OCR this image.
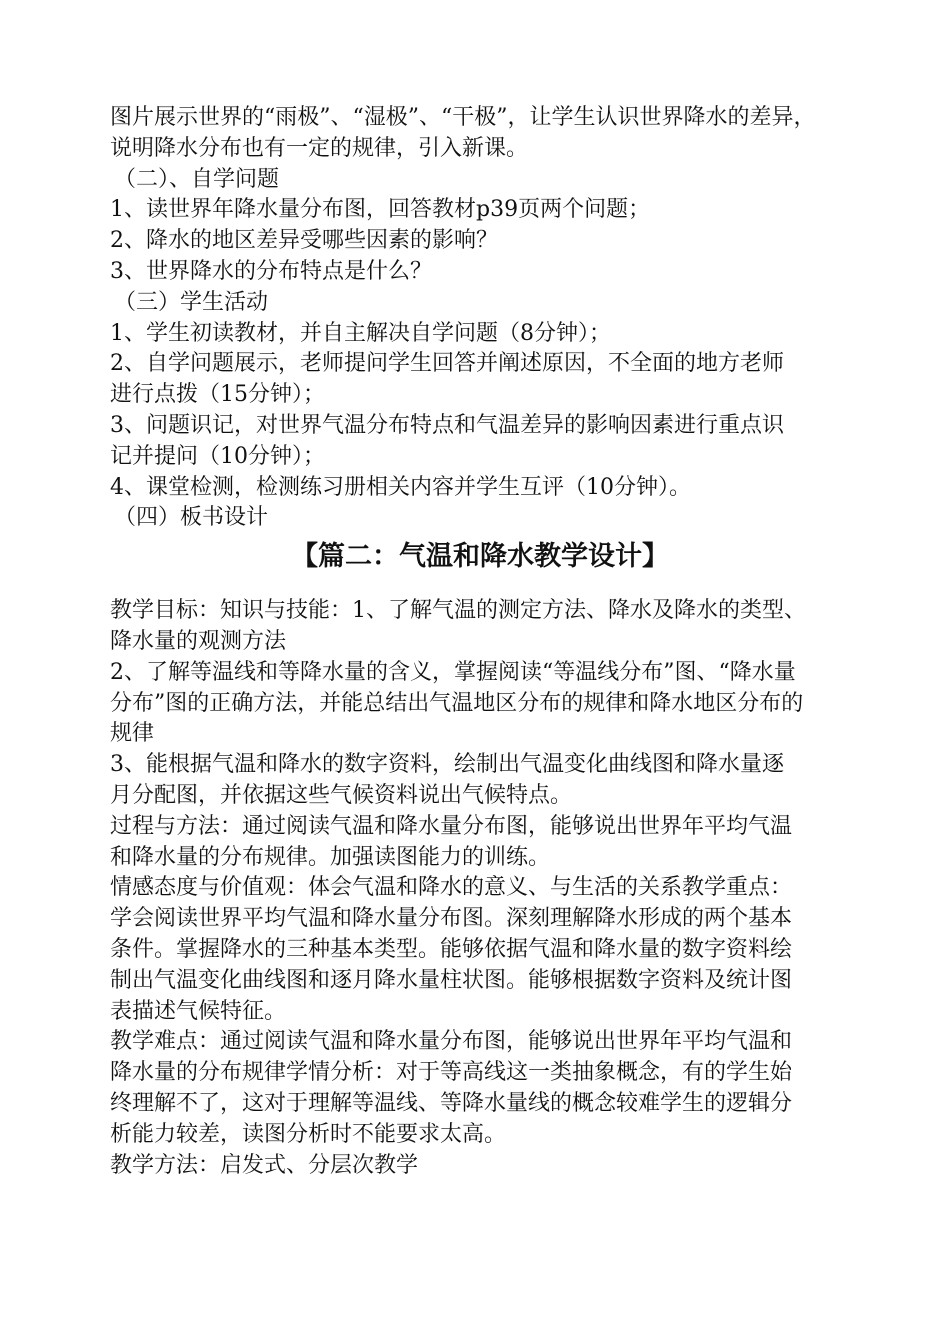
图片展示世界的“雨极”、“湿极”、“干极”，让学生认识世界降水的差异，
说明降水分布也有一定的规律，引入新课。
（二）、自学问题
1、读世界年降水量分布图，回答教材p39页两个问题；
2、降水的地区差异受哪些因素的影响？
3、世界降水的分布特点是什么？
（三）学生活动
1、学生初读教材，并自主解决自学问题（8分钟）；
2、自学问题展示，老师提问学生回答并阐述原因，不全面的地方老师
进行点拨（15分钟）；
3、问题识记，对世界气温分布特点和气温差异的影响因素进行重点识
记并提问（10分钟）；
4、课堂检测，检测练习册相关内容并学生互评（10分钟）。
（四）板书设计
【篇二：气温和降水教学设计】
教学目标：知识与技能：1、了解气温的测定方法、降水及降水的类型、
降水量的观测方法
2、了解等温线和等降水量的含义，掌握阅读“等温线分布”图、“降水量
分布”图的正确方法，并能总结出气温地区分布的规律和降水地区分布的
规律
3、能根据气温和降水的数字资料，绘制出气温变化曲线图和降水量逐
月分配图，并依据这些气候资料说出气候特点。
过程与方法：通过阅读气温和降水量分布图，能够说出世界年平均气温
和降水量的分布规律。加强读图能力的训练。
情感态度与价值观：体会气温和降水的意义、与生活的关系教学重点：
学会阅读世界平均气温和降水量分布图。深刻理解降水形成的两个基本
条件。掌握降水的三种基本类型。能够依据气温和降水量的数字资料绘
制出气温变化曲线图和逐月降水量柱状图。能够根据数字资料及统计图
表描述气候特征。
教学难点：通过阅读气温和降水量分布图，能够说出世界年平均气温和
降水量的分布规律学情分析：对于等高线这一类抽象概念，有的学生始
终理解不了，这对于理解等温线、等降水量线的概念较难学生的逻辑分
析能力较差，读图分析时不能要求太高。
教学方法：启发式、分层次教学
